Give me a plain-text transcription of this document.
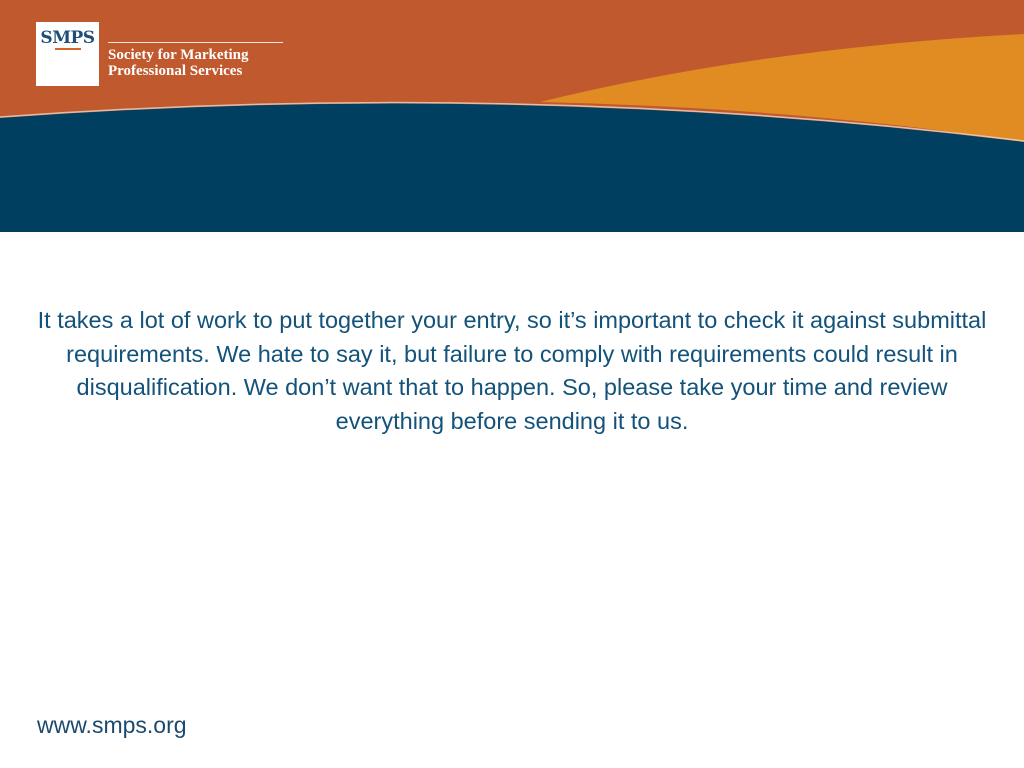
SMPS
Society for Marketing
Professional Services
It takes a lot of work to put together your entry, so it’s important to check it against submittal requirements. We hate to say it, but failure to comply with requirements could result in disqualification. We don’t want that to happen. So, please take your time and review everything before sending it to us.
www.smps.org
